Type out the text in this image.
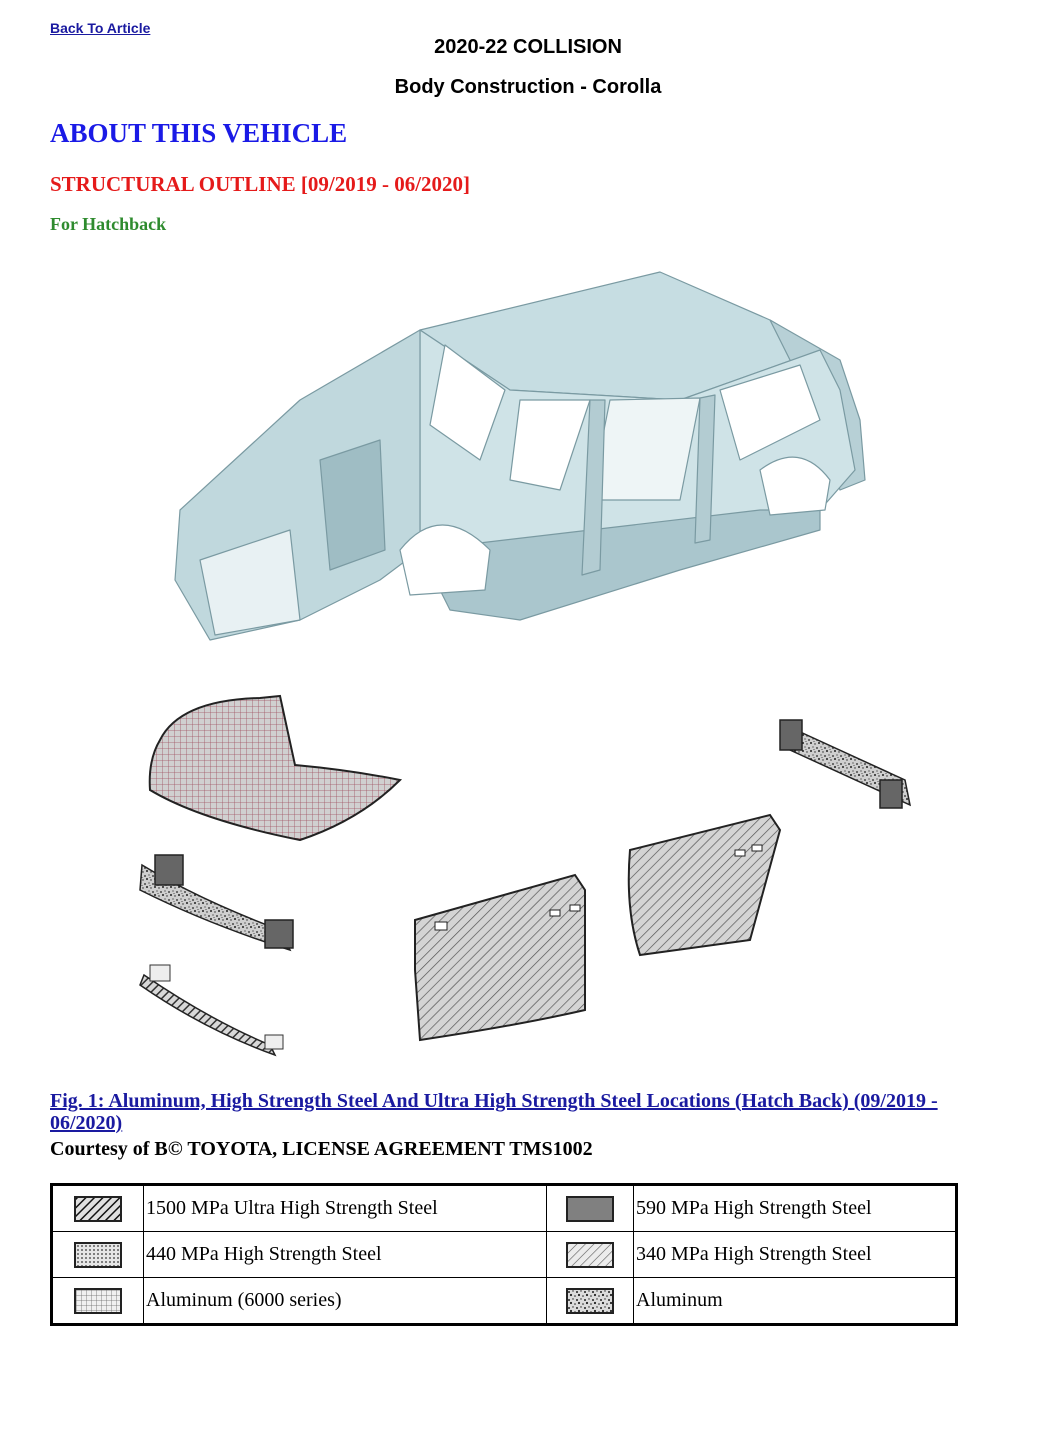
Back To Article
2020-22 COLLISION
Body Construction - Corolla
ABOUT THIS VEHICLE
STRUCTURAL OUTLINE [09/2019 - 06/2020]
For Hatchback
Fig. 1: Aluminum, High Strength Steel And Ultra High Strength Steel Locations (Hatch Back) (09/2019 - 06/2020)
Courtesy of B© TOYOTA, LICENSE AGREEMENT TMS1002
	1500 MPa Ultra High Strength Steel		590 MPa High Strength Steel
	440 MPa High Strength Steel		340 MPa High Strength Steel
	Aluminum (6000 series)		Aluminum
